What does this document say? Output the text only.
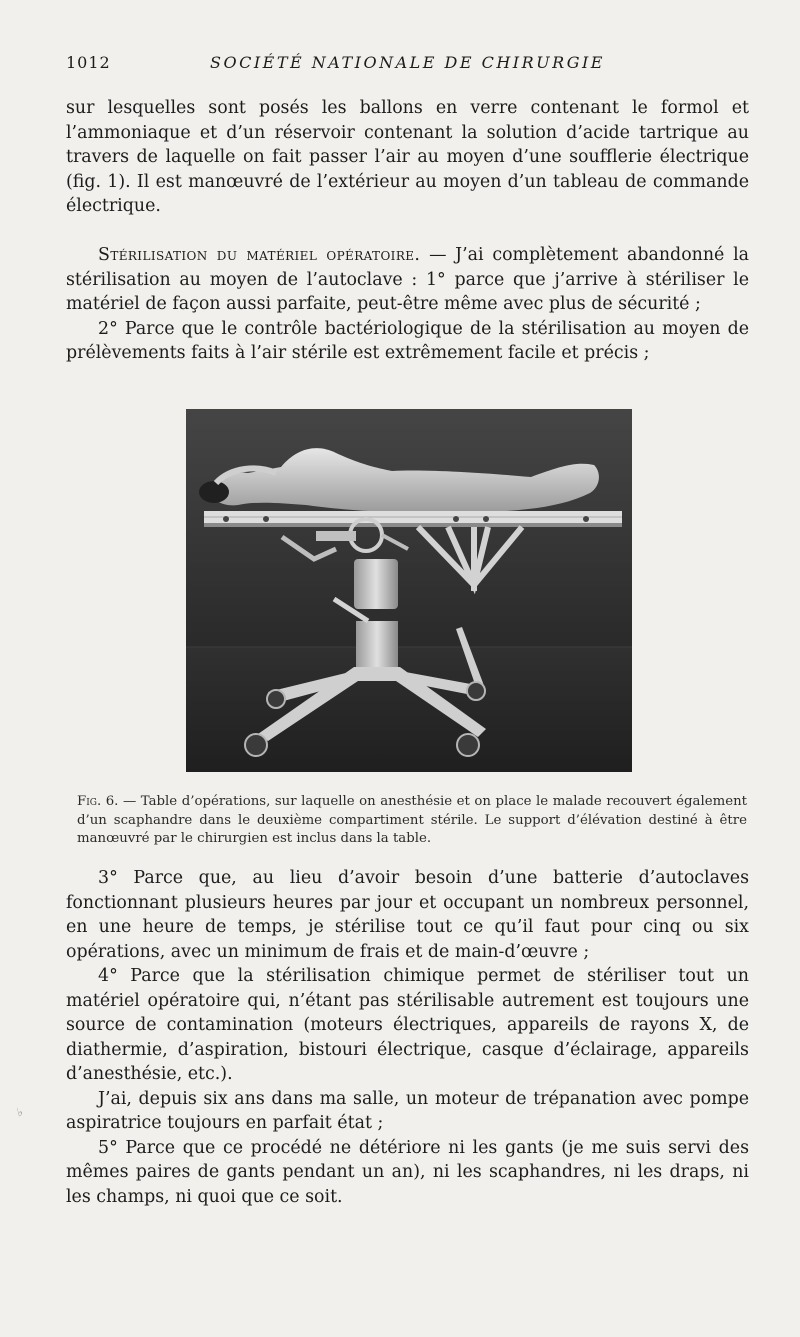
1012	SOCIÉTÉ NATIONALE DE CHIRURGIE

sur lesquelles sont posés les ballons en verre contenant le formol et l’ammoniaque et d’un réservoir contenant la solution d’acide tartrique au travers de laquelle on fait passer l’air au moyen d’une soufflerie électrique (fig. 1). Il est manœuvré de l’extérieur au moyen d’un tableau de commande électrique.

Stérilisation du matériel opératoire. — J’ai complètement abandonné la stérilisation au moyen de l’autoclave : 1° parce que j’arrive à stériliser le matériel de façon aussi parfaite, peut-être même avec plus de sécurité ;

2° Parce que le contrôle bactériologique de la stérilisation au moyen de prélèvements faits à l’air stérile est extrêmement facile et précis ;

Fig. 6. — Table d’opérations, sur laquelle on anesthésie et on place le malade recouvert également d’un scaphandre dans le deuxième compartiment stérile. Le support d’élévation destiné à être manœuvré par le chirurgien est inclus dans la table.

3° Parce que, au lieu d’avoir besoin d’une batterie d’autoclaves fonctionnant plusieurs heures par jour et occupant un nombreux personnel, en une heure de temps, je stérilise tout ce qu’il faut pour cinq ou six opérations, avec un minimum de frais et de main-d’œuvre ;

4° Parce que la stérilisation chimique permet de stériliser tout un matériel opératoire qui, n’étant pas stérilisable autrement est toujours une source de contamination (moteurs électriques, appareils de rayons X, de diathermie, d’aspiration, bistouri électrique, casque d’éclairage, appareils d’anesthésie, etc.).

J’ai, depuis six ans dans ma salle, un moteur de trépanation avec pompe aspiratrice toujours en parfait état ;

5° Parce que ce procédé ne détériore ni les gants (je me suis servi des mêmes paires de gants pendant un an), ni les scaphandres, ni les draps, ni les champs, ni quoi que ce soit.

♭
